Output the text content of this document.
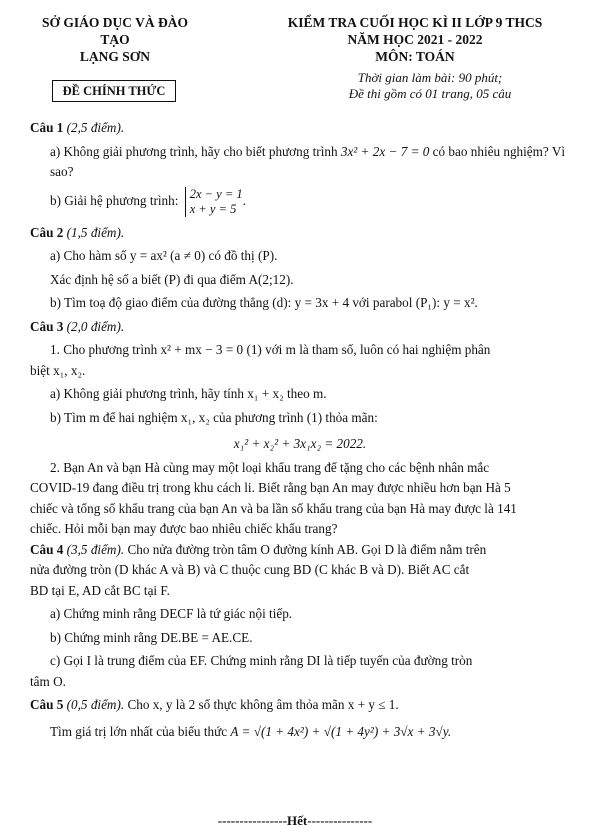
SỞ GIÁO DỤC VÀ ĐÀO TẠO
LẠNG SƠN
KIỂM TRA CUỐI HỌC KÌ II LỚP 9 THCS
NĂM HỌC 2021 - 2022
MÔN: TOÁN
ĐỀ CHÍNH THỨC
Thời gian làm bài: 90 phút;
Đề thi gồm có 01 trang, 05 câu

Câu 1 (2,5 điểm).

a) Không giải phương trình, hãy cho biết phương trình 3x² + 2x − 7 = 0 có bao nhiêu nghiệm? Vì sao?

b) Giải hệ phương trình: 2x − y = 1
x + y = 5
.

Câu 2 (1,5 điểm).

a) Cho hàm số y = ax² (a ≠ 0) có đồ thị (P).

Xác định hệ số a biết (P) đi qua điểm A(2;12).

b) Tìm toạ độ giao điểm của đường thẳng (d): y = 3x + 4 với parabol (P₁): y = x².

Câu 3 (2,0 điểm).

1. Cho phương trình x² + mx − 3 = 0 (1) với m là tham số, luôn có hai nghiệm phân

biệt x₁, x₂.

a) Không giải phương trình, hãy tính x₁ + x₂ theo m.

b) Tìm m để hai nghiệm x₁, x₂ của phương trình (1) thỏa mãn:

x₁² + x₂² + 3x₁x₂ = 2022.

2. Bạn An và bạn Hà cùng may một loại khẩu trang để tặng cho các bệnh nhân mắc

COVID-19 đang điều trị trong khu cách li. Biết rằng bạn An may được nhiều hơn bạn Hà 5

chiếc và tổng số khẩu trang của bạn An và ba lần số khẩu trang của bạn Hà may được là 141

chiếc. Hỏi mỗi bạn may được bao nhiêu chiếc khẩu trang?

Câu 4 (3,5 điểm). Cho nửa đường tròn tâm O đường kính AB. Gọi D là điểm nằm trên

nửa đường tròn (D khác A và B) và C thuộc cung BD (C khác B và D). Biết AC cắt

BD tại E, AD cắt BC tại F.

a) Chứng minh rằng DECF là tứ giác nội tiếp.

b) Chứng minh rằng DE.BE = AE.CE.

c) Gọi I là trung điểm của EF. Chứng minh rằng DI là tiếp tuyến của đường tròn

tâm O.

Câu 5 (0,5 điểm). Cho x, y là 2 số thực không âm thỏa mãn x + y ≤ 1.

Tìm giá trị lớn nhất của biểu thức A = √(1 + 4x²) + √(1 + 4y²) + 3√x + 3√y.

----------------Hết---------------
